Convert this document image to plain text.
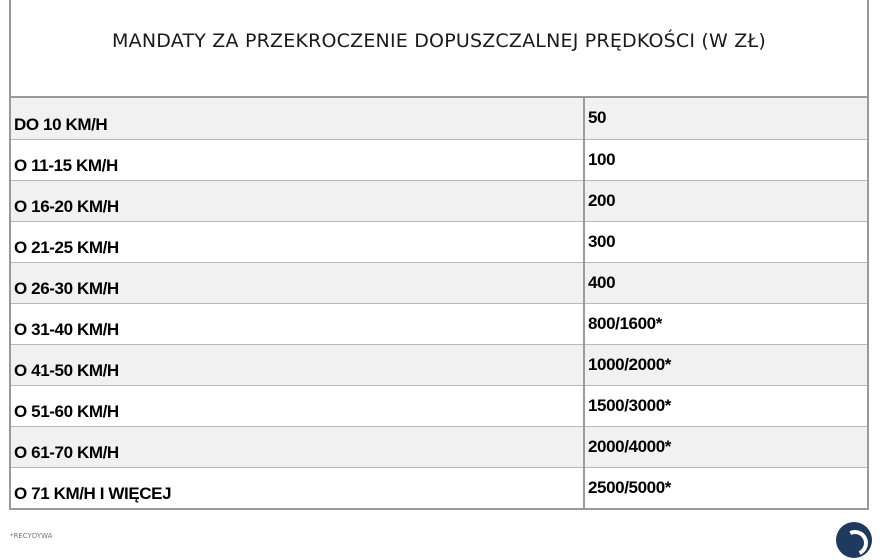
MANDATY ZA PRZEKROCZENIE DOPUSZCZALNEJ PRĘDKOŚCI (W ZŁ)
DO 10 KM/H	50
O 11-15 KM/H	100
O 16-20 KM/H	200
O 21-25 KM/H	300
O 26-30 KM/H	400
O 31-40 KM/H	800/1600*
O 41-50 KM/H	1000/2000*
O 51-60 KM/H	1500/3000*
O 61-70 KM/H	2000/4000*
O 71 KM/H I WIĘCEJ	2500/5000*
*RECYDYWA
